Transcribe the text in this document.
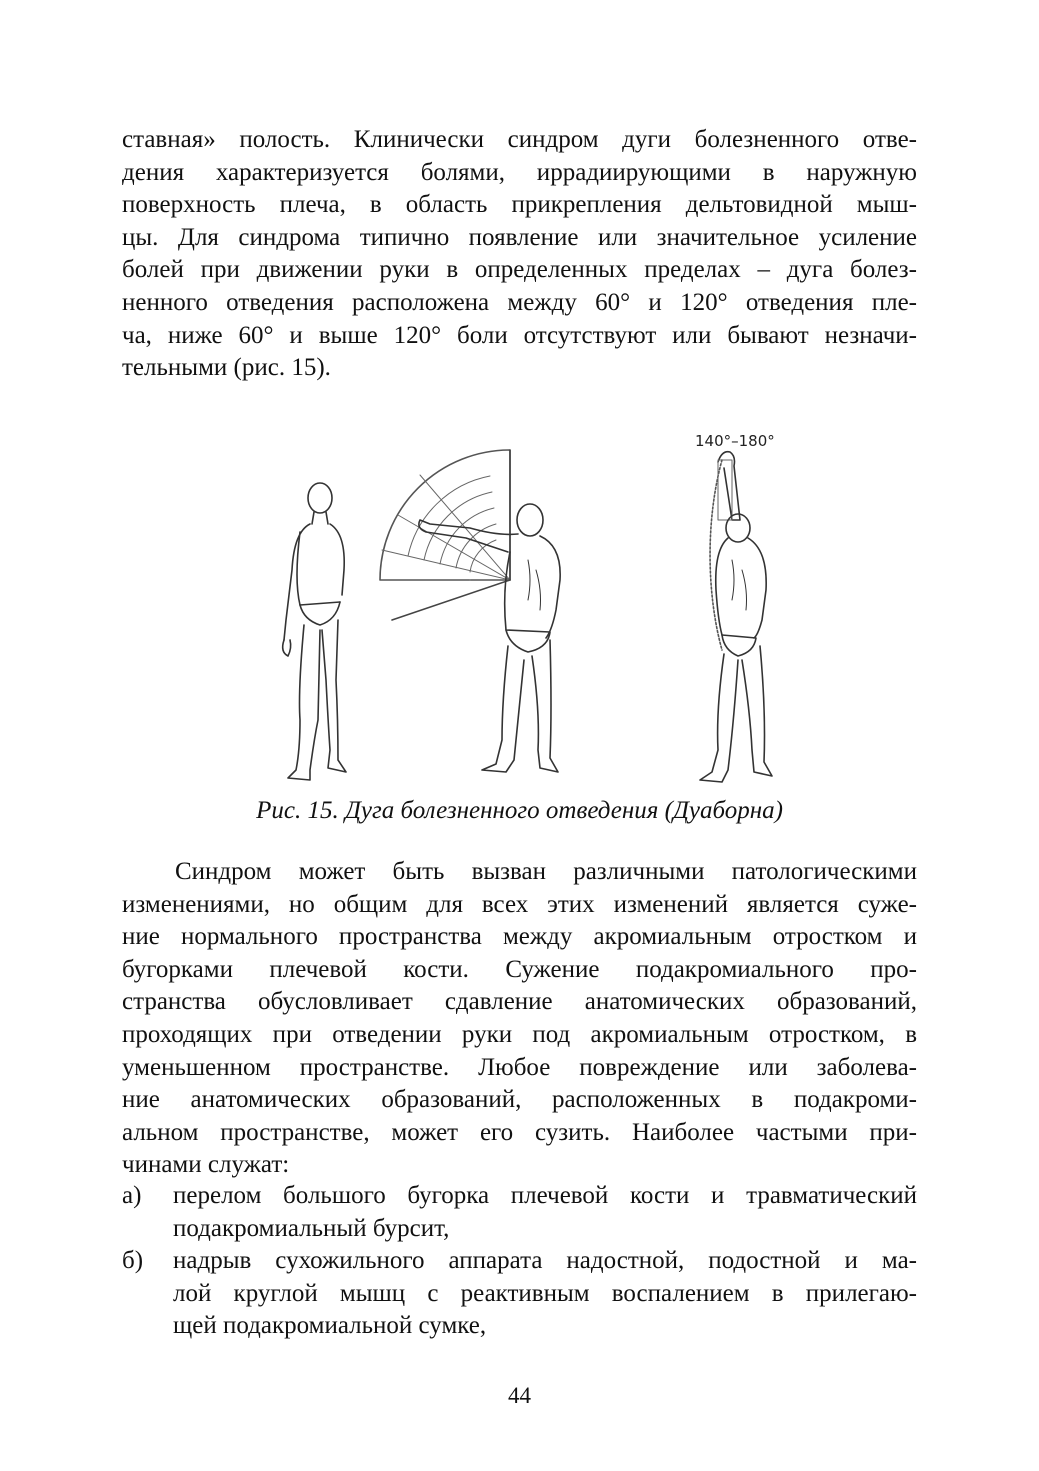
ставная» полость. Клинически синдром дуги болезненного отве-
дения характеризуется болями, иррадиирующими в наружную
поверхность плеча, в область прикрепления дельтовидной мыш-
цы. Для синдрома типично появление или значительное усиление
болей при движении руки в определенных пределах – дуга болез-
ненного отведения расположена между 60° и 120° отведения пле-
ча, ниже 60° и выше 120° боли отсутствуют или бывают незначи-
тельными (рис. 15).

140°–180°
Рис. 15. Дуга болезненного отведения (Дуаборна)

Синдром может быть вызван различными патологическими
изменениями, но общим для всех этих изменений является суже-
ние нормального пространства между акромиальным отростком и
бугорками плечевой кости. Сужение подакромиального про-
странства обусловливает сдавление анатомических образований,
проходящих при отведении руки под акромиальным отростком, в
уменьшенном пространстве. Любое повреждение или заболева-
ние анатомических образований, расположенных в подакроми-
альном пространстве, может его сузить. Наиболее частыми при-
чинами служат:

а) перелом большого бугорка плечевой кости и травматический
подакромиальный бурсит,
б) надрыв сухожильного аппарата надостной, подостной и ма-
лой круглой мышц с реактивным воспалением в прилегаю-
щей подакромиальной сумке,
44
